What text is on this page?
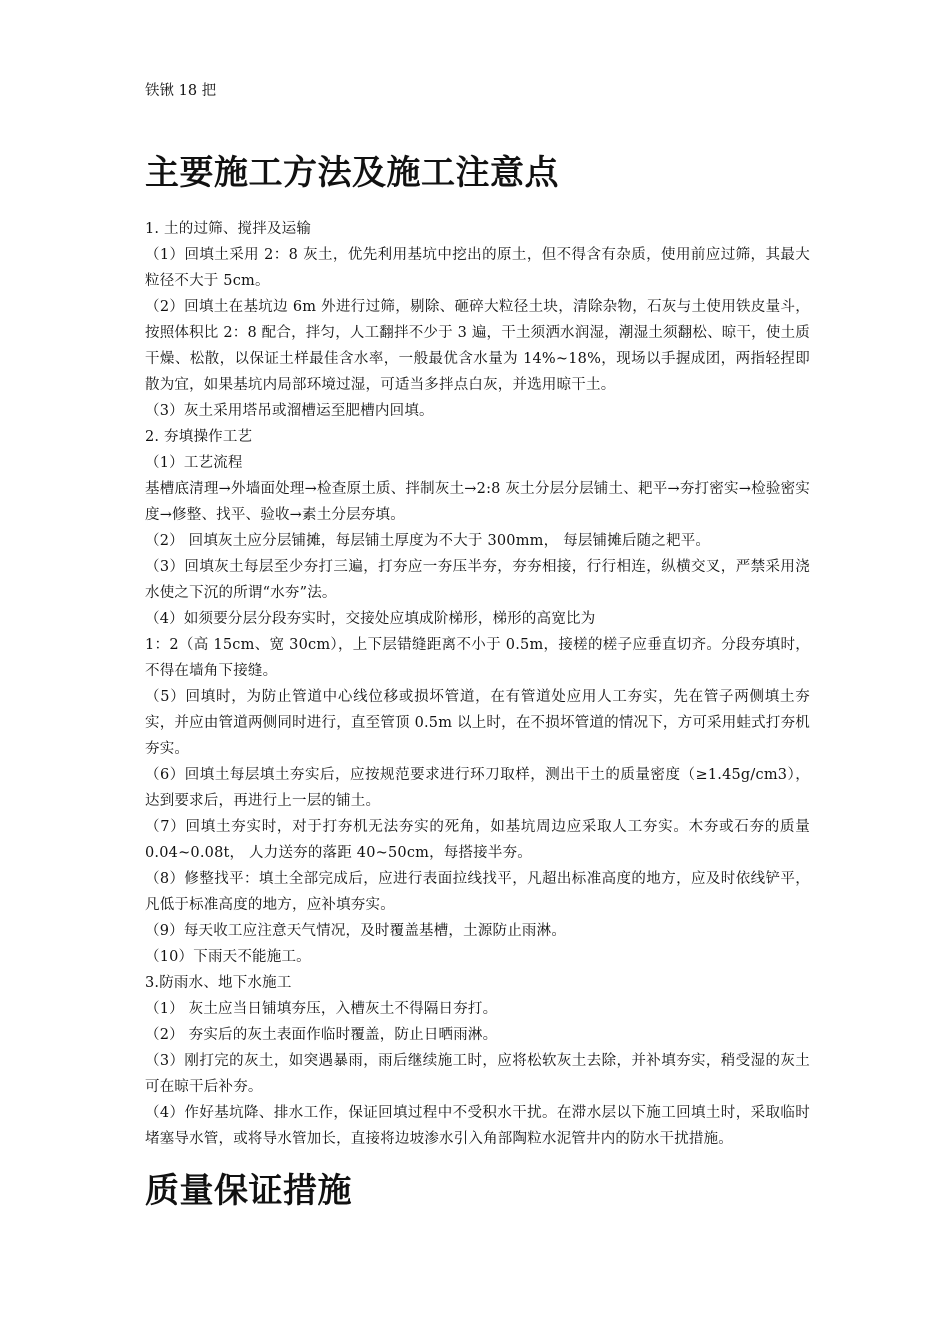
铁锹 18 把

主要施工方法及施工注意点

1. 土的过筛、搅拌及运输

（1）回填土采用 2：8 灰土，优先利用基坑中挖出的原土，但不得含有杂质，使用前应过筛，其最大粒径不大于 5cm。

（2）回填土在基坑边 6m 外进行过筛，剔除、砸碎大粒径土块，清除杂物，石灰与土使用铁皮量斗，按照体积比 2：8 配合，拌匀，人工翻拌不少于 3 遍，干土须洒水润湿，潮湿土须翻松、晾干，使土质干燥、松散，以保证土样最佳含水率，一般最优含水量为 14%~18%，现场以手握成团，两指轻捏即散为宜，如果基坑内局部环境过湿，可适当多拌点白灰，并选用晾干土。

（3）灰土采用塔吊或溜槽运至肥槽内回填。

2. 夯填操作工艺

（1）工艺流程

基槽底清理→外墙面处理→检查原土质、拌制灰土→2:8 灰土分层分层铺土、耙平→夯打密实→检验密实度→修整、找平、验收→素土分层夯填。

（2） 回填灰土应分层铺摊，每层铺土厚度为不大于 300mm， 每层铺摊后随之耙平。

（3）回填灰土每层至少夯打三遍，打夯应一夯压半夯，夯夯相接，行行相连，纵横交叉，严禁采用浇水使之下沉的所谓“水夯”法。

（4）如须要分层分段夯实时，交接处应填成阶梯形，梯形的高宽比为

1：2（高 15cm、宽 30cm），上下层错缝距离不小于 0.5m，接槎的槎子应垂直切齐。分段夯填时，不得在墙角下接缝。

（5）回填时，为防止管道中心线位移或损坏管道，在有管道处应用人工夯实，先在管子两侧填土夯实，并应由管道两侧同时进行，直至管顶 0.5m 以上时，在不损坏管道的情况下，方可采用蛙式打夯机夯实。

（6）回填土每层填土夯实后，应按规范要求进行环刀取样，测出干土的质量密度（≥1.45g/cm3），达到要求后，再进行上一层的铺土。

（7）回填土夯实时，对于打夯机无法夯实的死角，如基坑周边应采取人工夯实。木夯或石夯的质量 0.04~0.08t， 人力送夯的落距 40~50cm，每搭接半夯。

（8）修整找平：填土全部完成后，应进行表面拉线找平，凡超出标准高度的地方，应及时依线铲平，凡低于标准高度的地方，应补填夯实。

（9）每天收工应注意天气情况，及时覆盖基槽，土源防止雨淋。

（10）下雨天不能施工。

3.防雨水、地下水施工

（1） 灰土应当日铺填夯压，入槽灰土不得隔日夯打。

（2） 夯实后的灰土表面作临时覆盖，防止日晒雨淋。

（3）刚打完的灰土，如突遇暴雨，雨后继续施工时，应将松软灰土去除，并补填夯实，稍受湿的灰土可在晾干后补夯。

（4）作好基坑降、排水工作，保证回填过程中不受积水干扰。在滞水层以下施工回填土时，采取临时堵塞导水管，或将导水管加长，直接将边坡渗水引入角部陶粒水泥管井内的防水干扰措施。

质量保证措施
